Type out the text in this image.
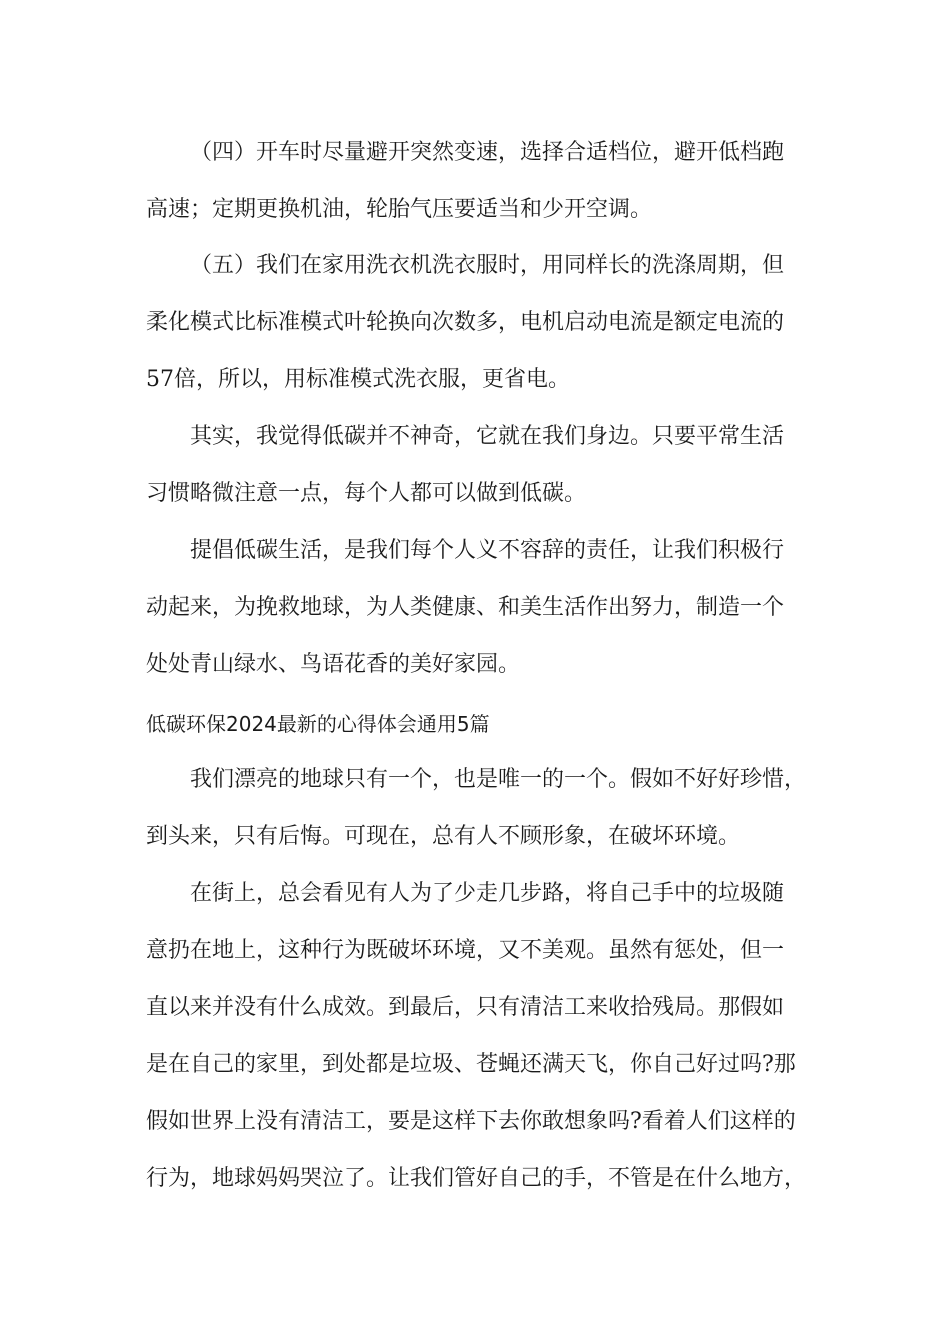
（四）开车时尽量避开突然变速，选择合适档位，避开低档跑

高速；定期更换机油，轮胎气压要适当和少开空调。

（五）我们在家用洗衣机洗衣服时，用同样长的洗涤周期，但

柔化模式比标准模式叶轮换向次数多，电机启动电流是额定电流的

57倍，所以，用标准模式洗衣服，更省电。

其实，我觉得低碳并不神奇，它就在我们身边。只要平常生活

习惯略微注意一点，每个人都可以做到低碳。

提倡低碳生活，是我们每个人义不容辞的责任，让我们积极行

动起来，为挽救地球，为人类健康、和美生活作出努力，制造一个

处处青山绿水、鸟语花香的美好家园。

低碳环保2024最新的心得体会通用5篇

我们漂亮的地球只有一个，也是唯一的一个。假如不好好珍惜，

到头来，只有后悔。可现在，总有人不顾形象，在破坏环境。

在街上，总会看见有人为了少走几步路，将自己手中的垃圾随

意扔在地上，这种行为既破坏环境，又不美观。虽然有惩处，但一

直以来并没有什么成效。到最后，只有清洁工来收拾残局。那假如

是在自己的家里，到处都是垃圾、苍蝇还满天飞，你自己好过吗?那

假如世界上没有清洁工，要是这样下去你敢想象吗?看着人们这样的

行为，地球妈妈哭泣了。让我们管好自己的手，不管是在什么地方，
